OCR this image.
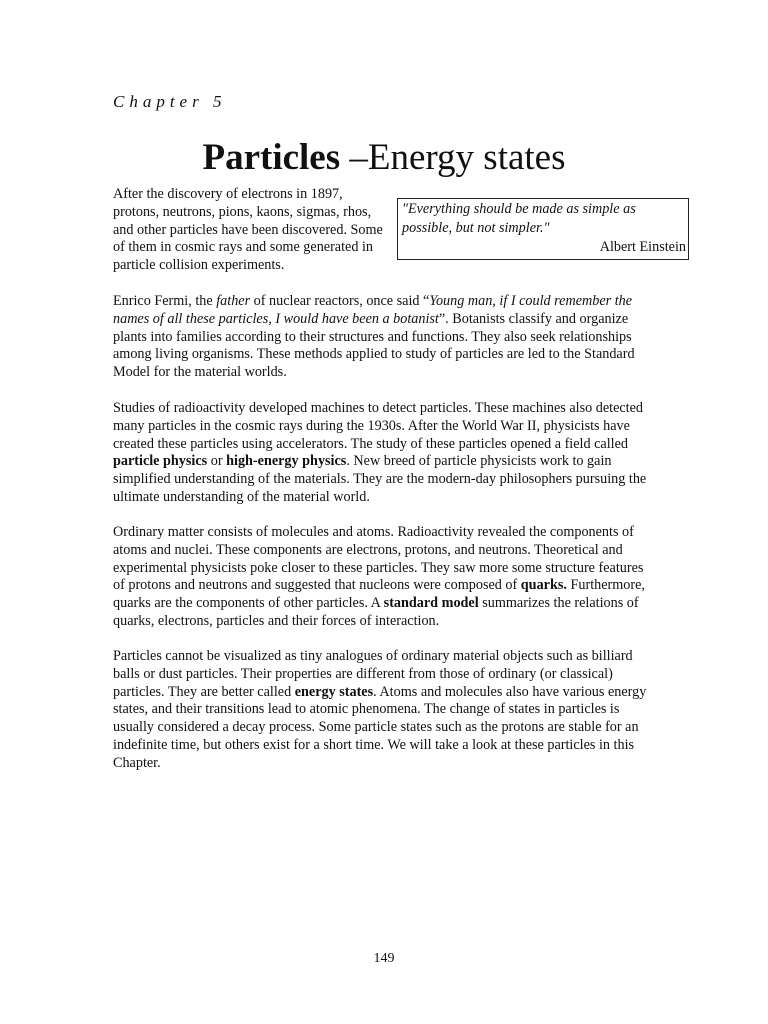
Chapter 5
Particles –Energy states
"Everything should be made as simple as possible, but not simpler."
Albert Einstein

After the discovery of electrons in 1897, protons, neutrons, pions, kaons, sigmas, rhos, and other particles have been discovered. Some of them in cosmic rays and some generated in particle collision experiments.

Enrico Fermi, the father of nuclear reactors, once said “Young man, if I could remember the names of all these particles, I would have been a botanist”. Botanists classify and organize plants into families according to their structures and functions. They also seek relationships among living organisms. These methods applied to study of particles are led to the Standard Model for the material worlds.
Studies of radioactivity developed machines to detect particles. These machines also detected many particles in the cosmic rays during the 1930s. After the World War II, physicists have created these particles using accelerators. The study of these particles opened a field called particle physics or high-energy physics. New breed of particle physicists work to gain simplified understanding of the materials. They are the modern-day philosophers pursuing the ultimate understanding of the material world.
Ordinary matter consists of molecules and atoms. Radioactivity revealed the components of atoms and nuclei. These components are electrons, protons, and neutrons. Theoretical and experimental physicists poke closer to these particles. They saw more some structure features of protons and neutrons and suggested that nucleons were composed of quarks. Furthermore, quarks are the components of other particles. A standard model summarizes the relations of quarks, electrons, particles and their forces of interaction.
Particles cannot be visualized as tiny analogues of ordinary material objects such as billiard balls or dust particles. Their properties are different from those of ordinary (or classical) particles. They are better called energy states. Atoms and molecules also have various energy states, and their transitions lead to atomic phenomena. The change of states in particles is usually considered a decay process. Some particle states such as the protons are stable for an indefinite time, but others exist for a short time. We will take a look at these particles in this Chapter.
149
